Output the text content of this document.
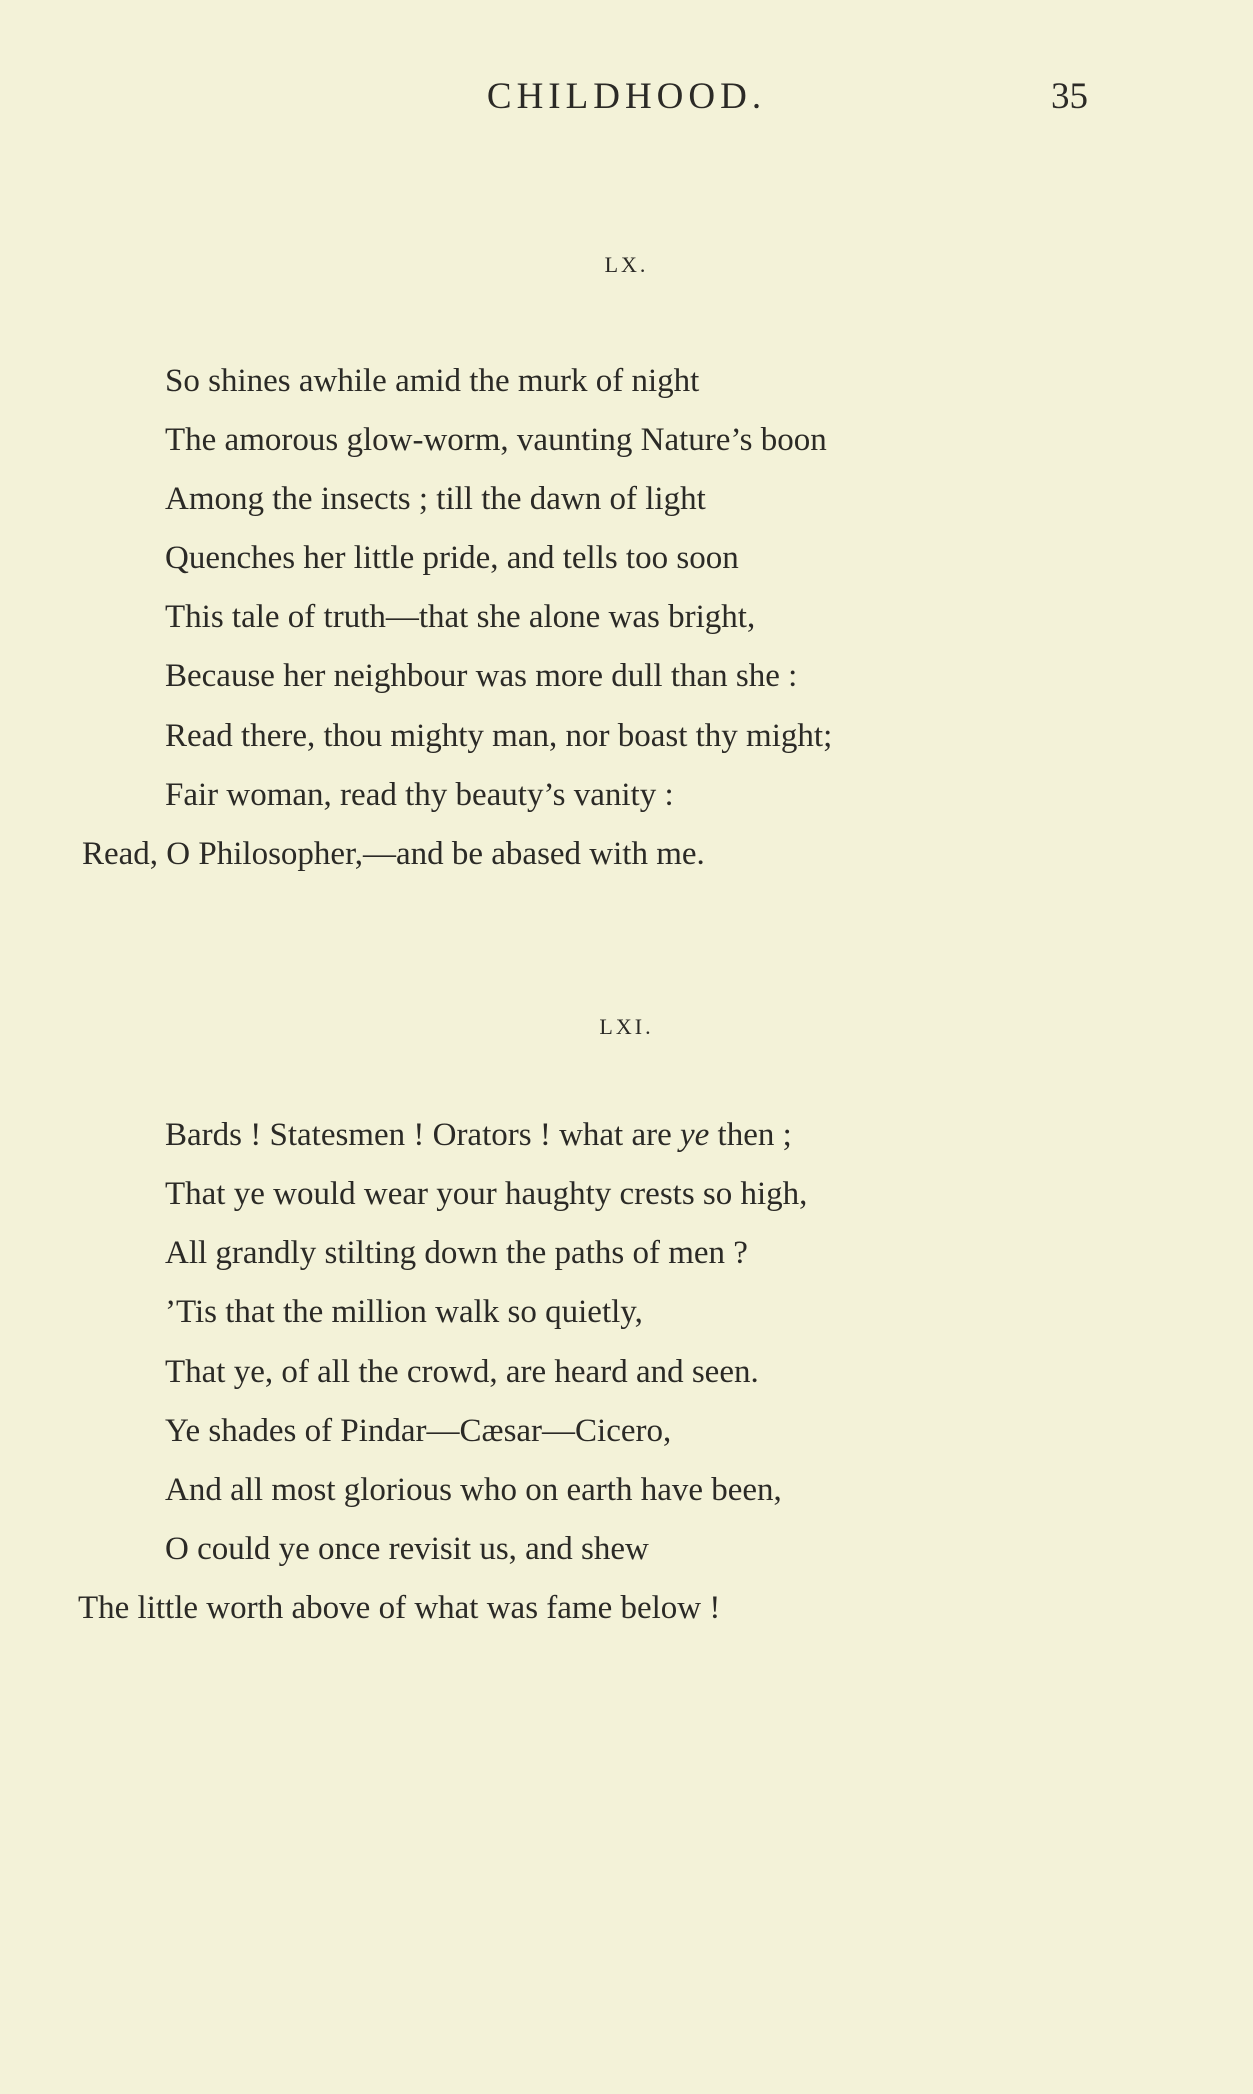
CHILDHOOD.	35
LX.
So shines awhile amid the murk of night
The amorous glow-worm, vaunting Nature’s boon
Among the insects ; till the dawn of light
Quenches her little pride, and tells too soon
This tale of truth—that she alone was bright,
Because her neighbour was more dull than she :
Read there, thou mighty man, nor boast thy might;
Fair woman, read thy beauty’s vanity :
Read, O Philosopher,—and be abased with me.
LXI.
Bards ! Statesmen ! Orators ! what are ye then ;
That ye would wear your haughty crests so high,
All grandly stilting down the paths of men ?
’Tis that the million walk so quietly,
That ye, of all the crowd, are heard and seen.
Ye shades of Pindar—Cæsar—Cicero,
And all most glorious who on earth have been,
O could ye once revisit us, and shew
The little worth above of what was fame below !
